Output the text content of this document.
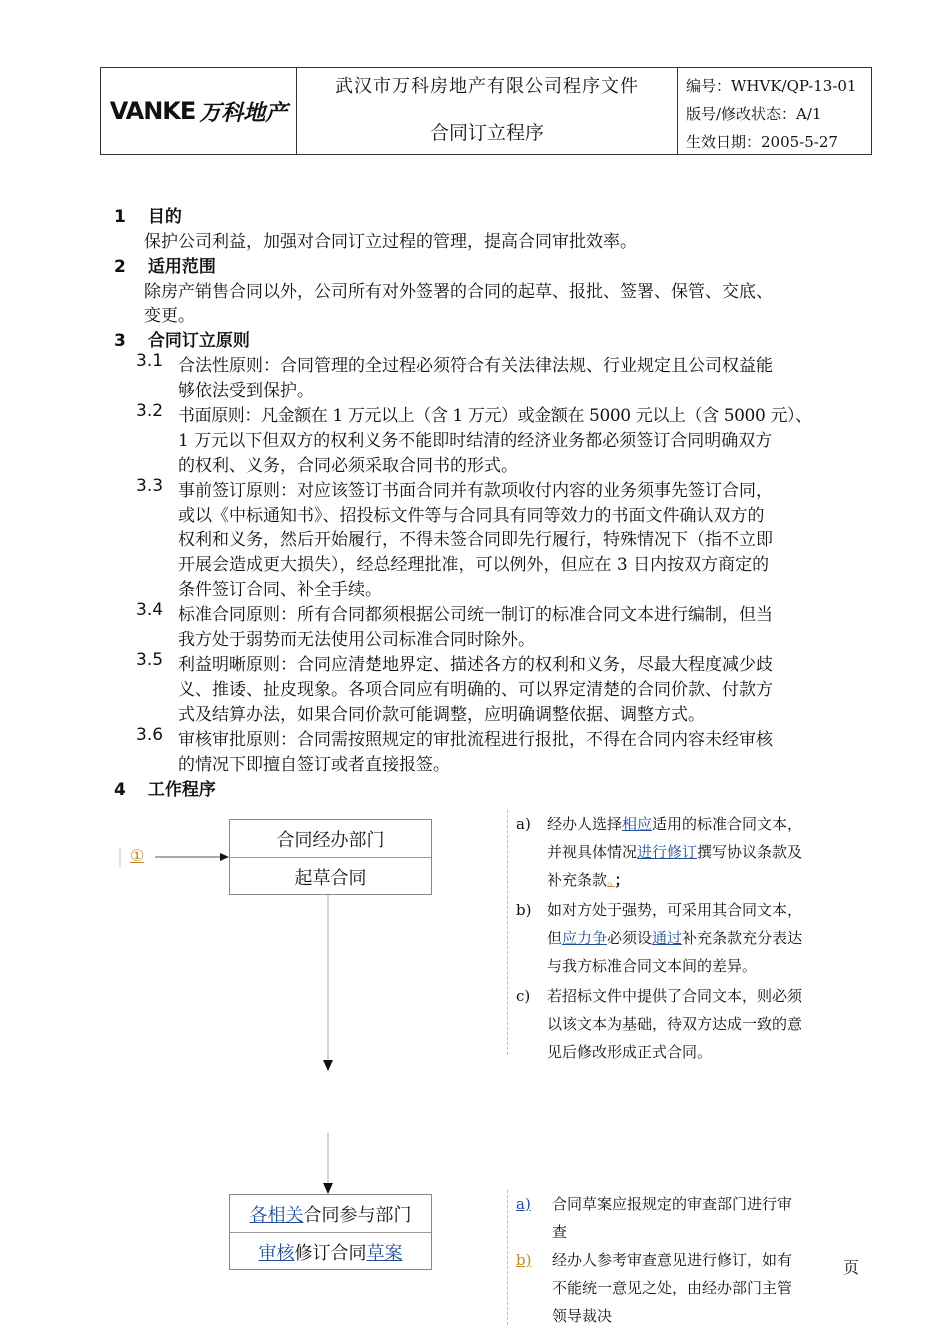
VANKE 万科地产
武汉市万科房地产有限公司程序文件
合同订立程序
编号：WHVK/QP-13-01
版号/修改状态：A/1
生效日期：2005-5-27
1 目的
保护公司利益，加强对合同订立过程的管理，提高合同审批效率。
2 适用范围
除房产销售合同以外，公司所有对外签署的合同的起草、报批、签署、保管、交底、
变更。
3 合同订立原则
3.1 合法性原则：合同管理的全过程必须符合有关法律法规、行业规定且公司权益能
够依法受到保护。
3.2 书面原则：凡金额在 1 万元以上（含 1 万元）或金额在 5000 元以上（含 5000 元）、
1 万元以下但双方的权利义务不能即时结清的经济业务都必须签订合同明确双方
的权利、义务，合同必须采取合同书的形式。
3.3 事前签订原则：对应该签订书面合同并有款项收付内容的业务须事先签订合同，
或以《中标通知书》、招投标文件等与合同具有同等效力的书面文件确认双方的
权利和义务，然后开始履行，不得未签合同即先行履行，特殊情况下（指不立即
开展会造成更大损失），经总经理批准，可以例外，但应在 3 日内按双方商定的
条件签订合同、补全手续。
3.4 标准合同原则：所有合同都须根据公司统一制订的标准合同文本进行编制，但当
我方处于弱势而无法使用公司标准合同时除外。
3.5 利益明晰原则：合同应清楚地界定、描述各方的权利和义务，尽最大程度减少歧
义、推诿、扯皮现象。各项合同应有明确的、可以界定清楚的合同价款、付款方
式及结算办法，如果合同价款可能调整，应明确调整依据、调整方式。
3.6 审核审批原则：合同需按照规定的审批流程进行报批，不得在合同内容未经审核
的情况下即擅自签订或者直接报签。
4 工作程序
①
合同经办部门
起草合同
各相关合同参与部门
审核修订合同草案
a) 经办人选择相应适用的标准合同文本，
并视具体情况进行修订撰写协议条款及
补充条款。；
b) 如对方处于强势，可采用其合同文本，
但应力争必须设通过补充条款充分表达
与我方标准合同文本间的差异。
c) 若招标文件中提供了合同文本，则必须
以该文本为基础，待双方达成一致的意
见后修改形成正式合同。
a) 合同草案应报规定的审查部门进行审
查
b) 经办人参考审查意见进行修订，如有
不能统一意见之处，由经办部门主管
领导裁决
页
